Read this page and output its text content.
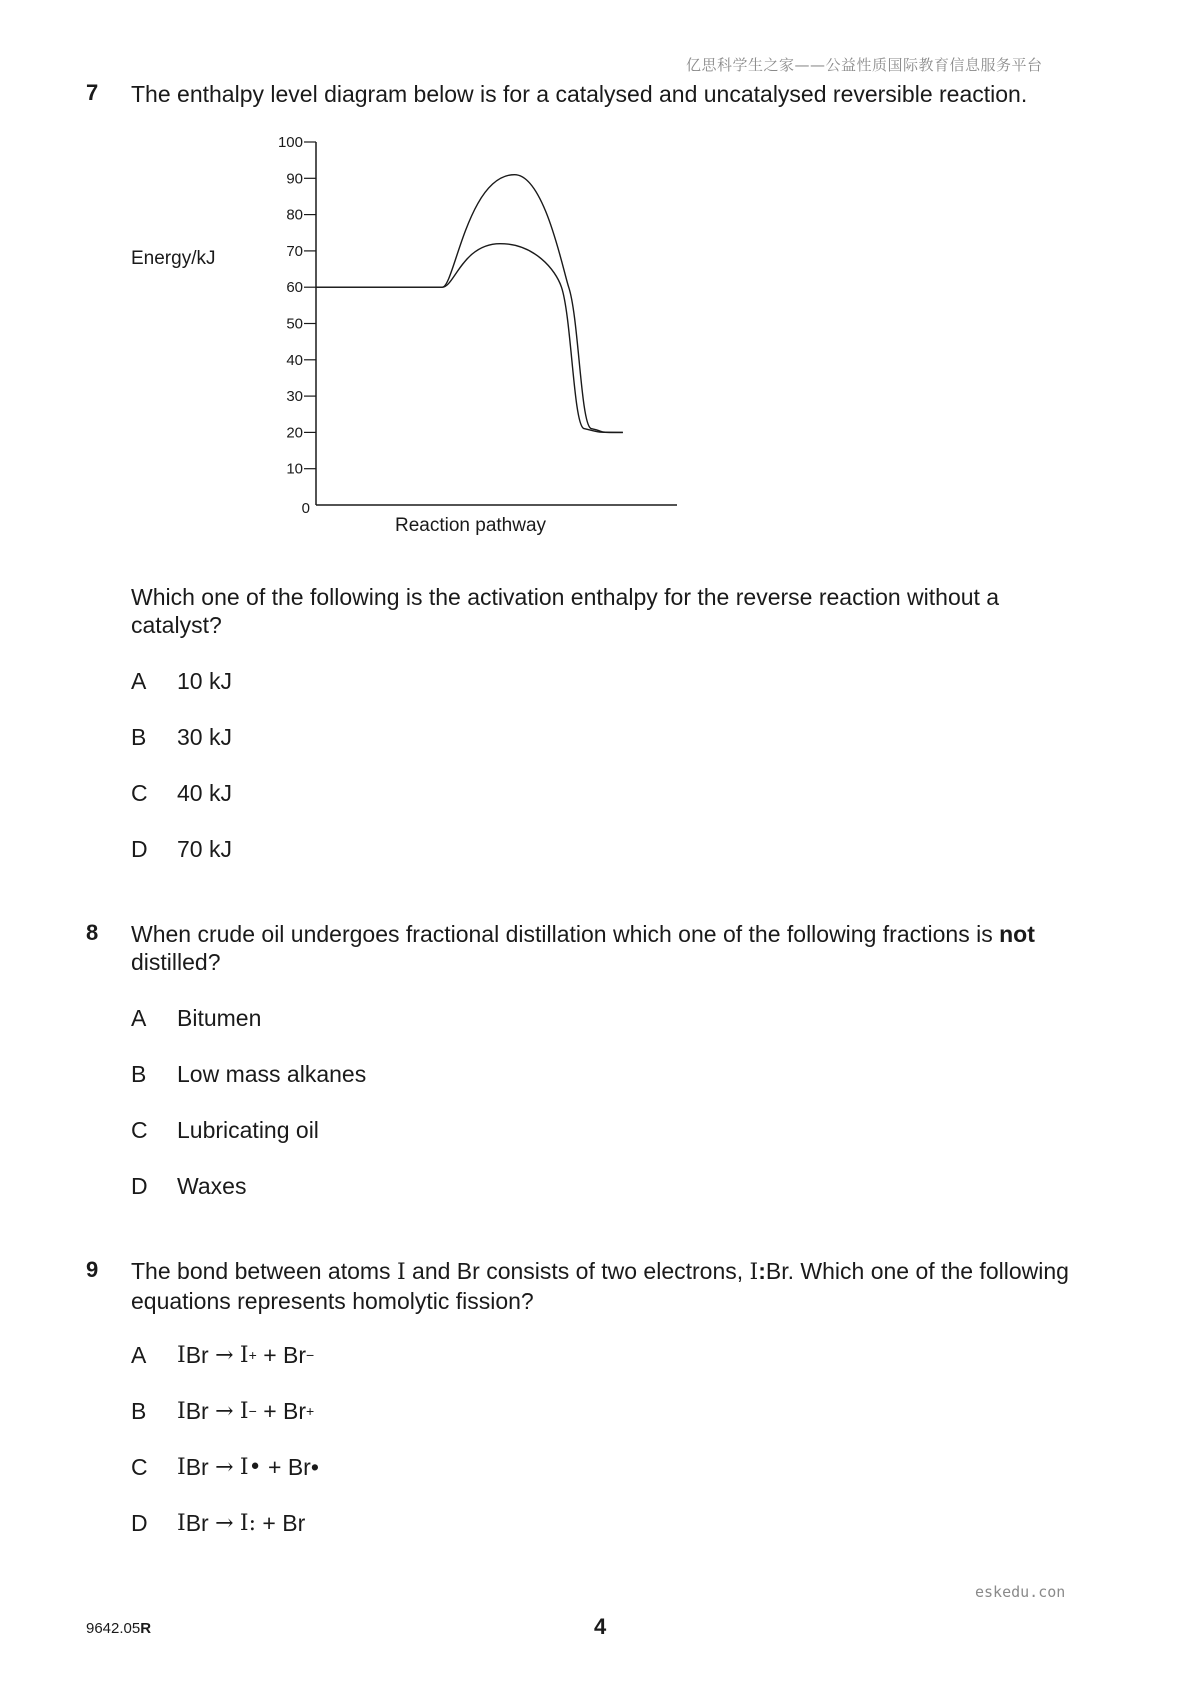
亿思科学生之家——公益性质国际教育信息服务平台
7 The enthalpy level diagram below is for a catalysed and uncatalysed reversible reaction.
0
10
20
30
40
50
60
70
80
90
100
Energy/kJ
Reaction pathway
Which one of the following is the activation enthalpy for the reverse reaction without a catalyst?
A	10 kJ
B	30 kJ
C	40 kJ
D	70 kJ
8 When crude oil undergoes fractional distillation which one of the following fractions is not distilled?
A	Bitumen
B	Low mass alkanes
C	Lubricating oil
D	Waxes
9 The bond between atoms I and Br consists of two electrons, I:Br. Which one of the following equations represents homolytic fission?
A	I Br
→
I +
+
Br −
B	I Br
→
I −
+
Br +
C	I Br
→
I•
+
Br•
D	I Br
→
I:
+
Br
eskedu.con
9642.05R	4
